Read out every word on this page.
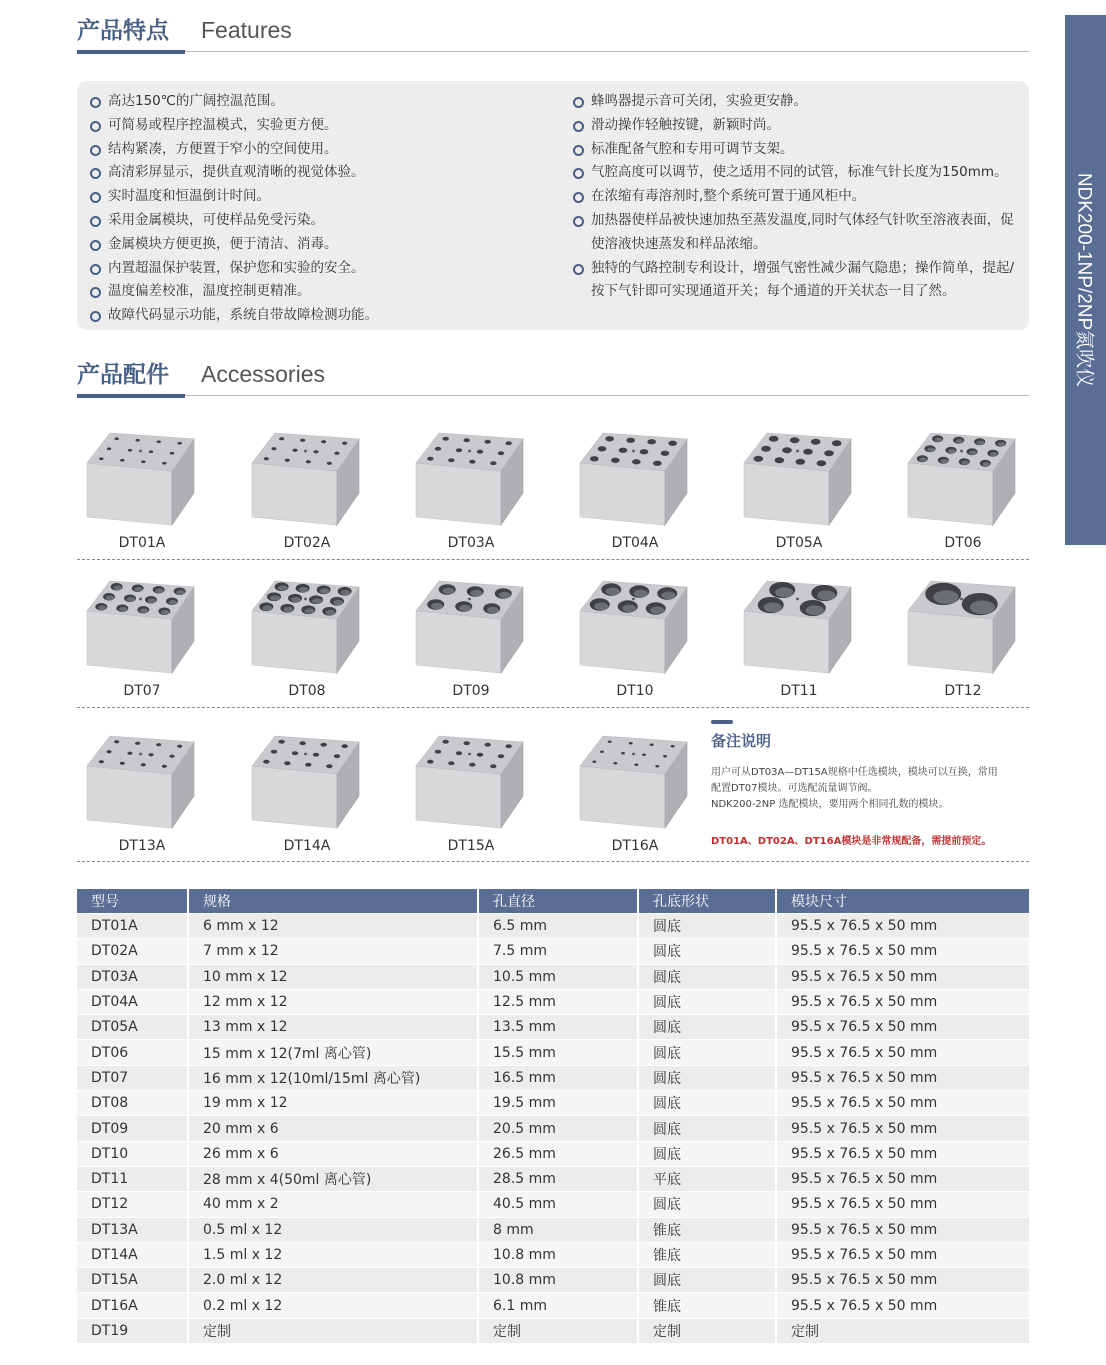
产品特点 Features
NDK200-1NP/2NP氮吹仪
高达150℃的广阔控温范围。
可简易或程序控温模式，实验更方便。
结构紧凑，方便置于窄小的空间使用。
高清彩屏显示，提供直观清晰的视觉体验。
实时温度和恒温倒计时间。
采用金属模块，可使样品免受污染。
金属模块方便更换，便于清洁、消毒。
内置超温保护装置，保护您和实验的安全。
温度偏差校准，温度控制更精准。
故障代码显示功能，系统自带故障检测功能。
蜂鸣器提示音可关闭，实验更安静。
滑动操作轻触按键，新颖时尚。
标准配备气腔和专用可调节支架。
气腔高度可以调节，使之适用不同的试管，标准气针长度为150mm。
在浓缩有毒溶剂时,整个系统可置于通风柜中。
加热器使样品被快速加热至蒸发温度,同时气体经气针吹至溶液表面，促使溶液快速蒸发和样品浓缩。
独特的气路控制专利设计，增强气密性减少漏气隐患；操作简单，提起/按下气针即可实现通道开关；每个通道的开关状态一目了然。
产品配件 Accessories
DT01A	DT02A	DT03A	DT04A	DT05A	DT06
DT07	DT08	DT09	DT10	DT11	DT12
DT13A	DT14A	DT15A	DT16A
备注说明
用户可从DT03A—DT15A规格中任选模块，模块可以互换，常用
配置DT07模块。可选配流量调节阀。
NDK200-2NP 选配模块，要用两个相同孔数的模块。
DT01A、DT02A、DT16A模块是非常规配备，需提前预定。
型号	规格	孔直径	孔底形状	模块尺寸
DT01A	6 mm x 12	6.5 mm	圆底	95.5 x 76.5 x 50 mm
DT02A	7 mm x 12	7.5 mm	圆底	95.5 x 76.5 x 50 mm
DT03A	10 mm x 12	10.5 mm	圆底	95.5 x 76.5 x 50 mm
DT04A	12 mm x 12	12.5 mm	圆底	95.5 x 76.5 x 50 mm
DT05A	13 mm x 12	13.5 mm	圆底	95.5 x 76.5 x 50 mm
DT06	15 mm x 12(7ml 离心管)	15.5 mm	圆底	95.5 x 76.5 x 50 mm
DT07	16 mm x 12(10ml/15ml 离心管)	16.5 mm	圆底	95.5 x 76.5 x 50 mm
DT08	19 mm x 12	19.5 mm	圆底	95.5 x 76.5 x 50 mm
DT09	20 mm x 6	20.5 mm	圆底	95.5 x 76.5 x 50 mm
DT10	26 mm x 6	26.5 mm	圆底	95.5 x 76.5 x 50 mm
DT11	28 mm x 4(50ml 离心管)	28.5 mm	平底	95.5 x 76.5 x 50 mm
DT12	40 mm x 2	40.5 mm	圆底	95.5 x 76.5 x 50 mm
DT13A	0.5 ml x 12	8 mm	锥底	95.5 x 76.5 x 50 mm
DT14A	1.5 ml x 12	10.8 mm	锥底	95.5 x 76.5 x 50 mm
DT15A	2.0 ml x 12	10.8 mm	圆底	95.5 x 76.5 x 50 mm
DT16A	0.2 ml x 12	6.1 mm	锥底	95.5 x 76.5 x 50 mm
DT19	定制	定制	定制	定制
